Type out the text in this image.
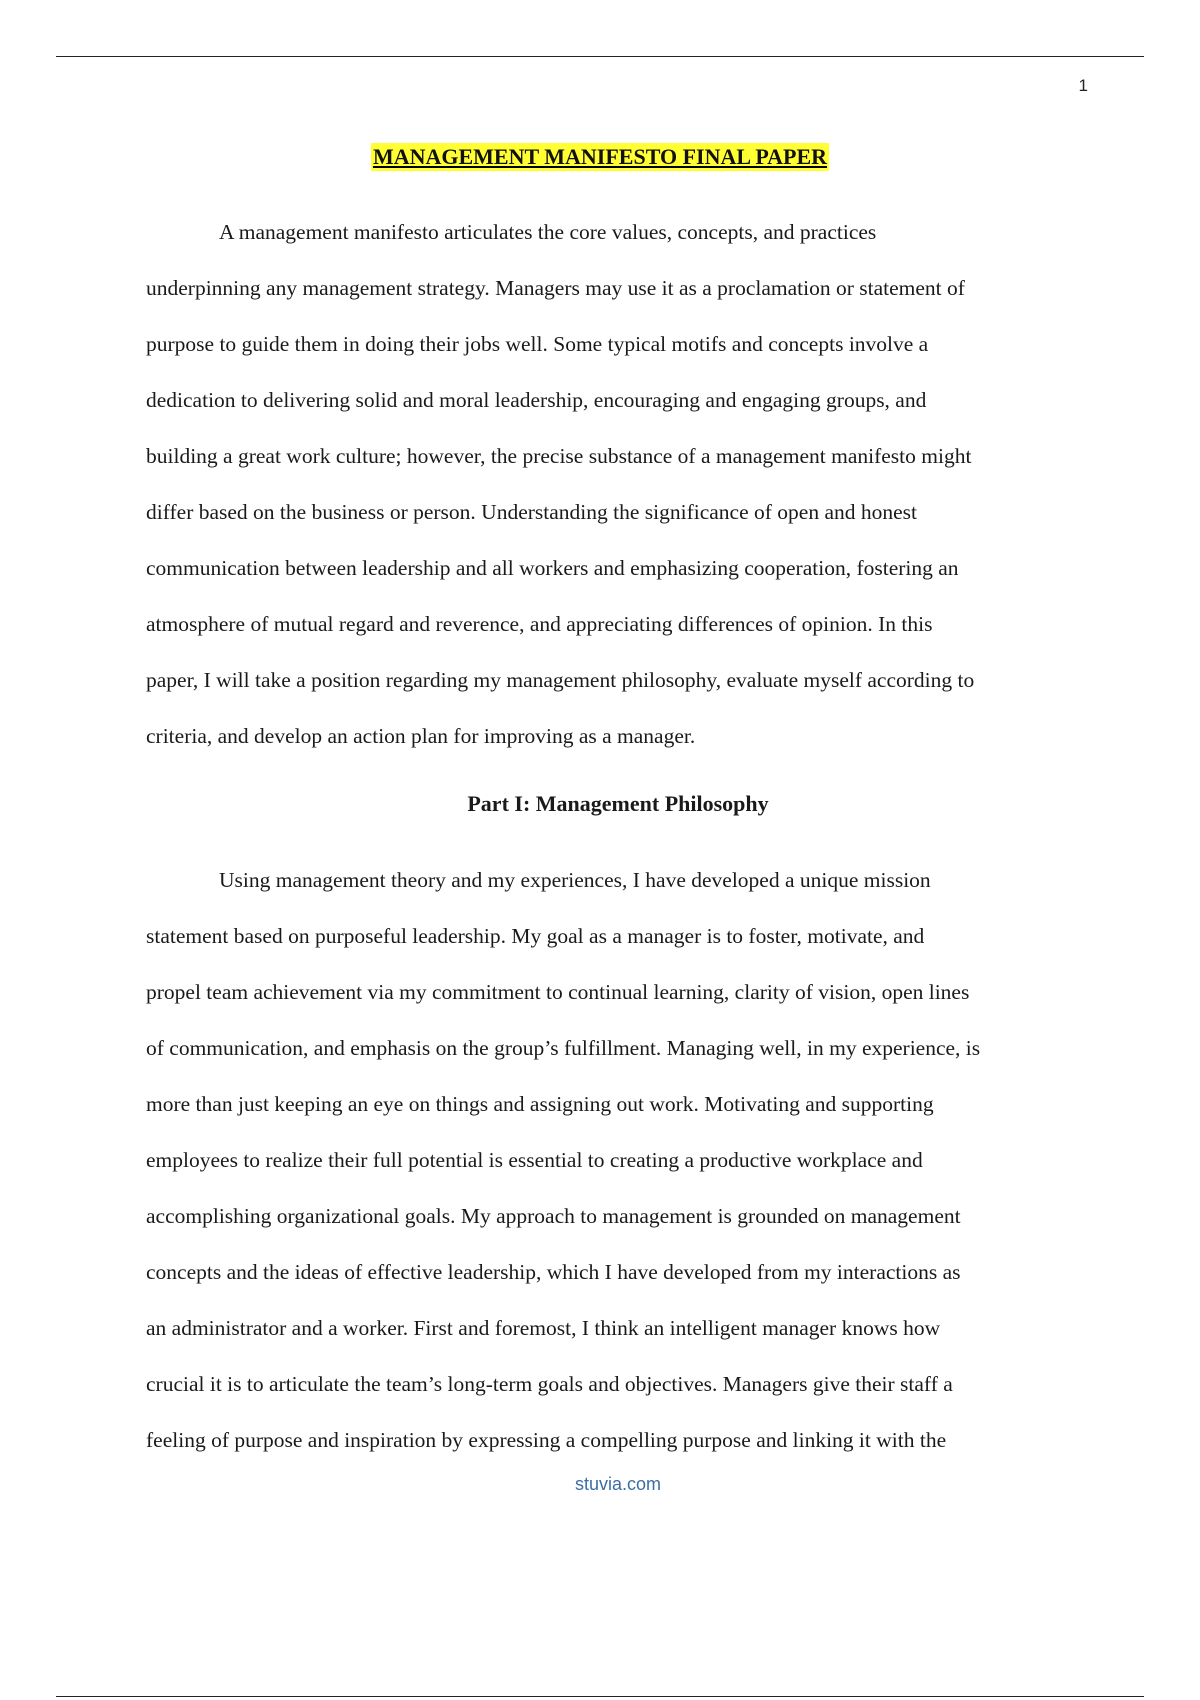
1
MANAGEMENT MANIFESTO FINAL PAPER
A management manifesto articulates the core values, concepts, and practices
underpinning any management strategy. Managers may use it as a proclamation or statement of
purpose to guide them in doing their jobs well. Some typical motifs and concepts involve a
dedication to delivering solid and moral leadership, encouraging and engaging groups, and
building a great work culture; however, the precise substance of a management manifesto might
differ based on the business or person. Understanding the significance of open and honest
communication between leadership and all workers and emphasizing cooperation, fostering an
atmosphere of mutual regard and reverence, and appreciating differences of opinion. In this
paper, I will take a position regarding my management philosophy, evaluate myself according to
criteria, and develop an action plan for improving as a manager.
Part I: Management Philosophy
Using management theory and my experiences, I have developed a unique mission
statement based on purposeful leadership. My goal as a manager is to foster, motivate, and
propel team achievement via my commitment to continual learning, clarity of vision, open lines
of communication, and emphasis on the group’s fulfillment. Managing well, in my experience, is
more than just keeping an eye on things and assigning out work. Motivating and supporting
employees to realize their full potential is essential to creating a productive workplace and
accomplishing organizational goals. My approach to management is grounded on management
concepts and the ideas of effective leadership, which I have developed from my interactions as
an administrator and a worker. First and foremost, I think an intelligent manager knows how
crucial it is to articulate the team’s long-term goals and objectives. Managers give their staff a
feeling of purpose and inspiration by expressing a compelling purpose and linking it with the
stuvia.com
